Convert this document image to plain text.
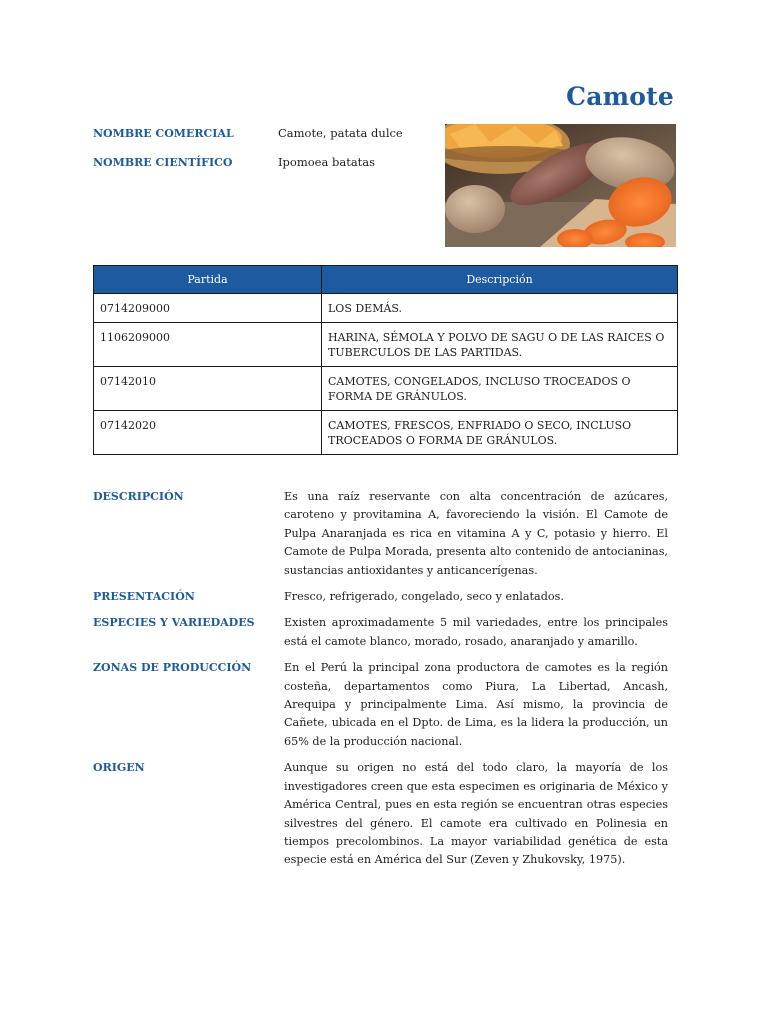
Camote
NOMBRE COMERCIAL	Camote, patata dulce
NOMBRE CIENTÍFICO	Ipomoea batatas
Partida	Descripción
0714209000	LOS DEMÁS.
1106209000	HARINA, SÉMOLA Y POLVO DE SAGU O DE LAS RAICES O TUBERCULOS DE LAS PARTIDAS.
07142010	CAMOTES, CONGELADOS, INCLUSO TROCEADOS O FORMA DE GRÁNULOS.
07142020	CAMOTES, FRESCOS, ENFRIADO O SECO, INCLUSO TROCEADOS O FORMA DE GRÁNULOS.
DESCRIPCIÓN	Es una raíz reservante con alta concentración de azúcares, caroteno y provitamina A, favoreciendo la visión. El Camote de Pulpa Anaranjada es rica en vitamina A y C, potasio y hierro. El Camote de Pulpa Morada, presenta alto contenido de antocianinas, sustancias antioxidantes y anticancerígenas.
PRESENTACIÓN	Fresco, refrigerado, congelado, seco y enlatados.
ESPECIES Y VARIEDADES	Existen aproximadamente 5 mil variedades, entre los principales está el camote blanco, morado, rosado, anaranjado y amarillo.
ZONAS DE PRODUCCIÓN	En el Perú la principal zona productora de camotes es la región costeña, departamentos como Piura, La Libertad, Ancash, Arequipa y principalmente Lima. Así mismo, la provincia de Cañete, ubicada en el Dpto. de Lima, es la lidera la producción, un 65% de la producción nacional.
ORIGEN	Aunque su origen no está del todo claro, la mayoría de los investigadores creen que esta especimen es originaria de México y América Central, pues en esta región se encuentran otras especies silvestres del género. El camote era cultivado en Polinesia en tiempos precolombinos. La mayor variabilidad genética de esta especie está en América del Sur (Zeven y Zhukovsky, 1975).
